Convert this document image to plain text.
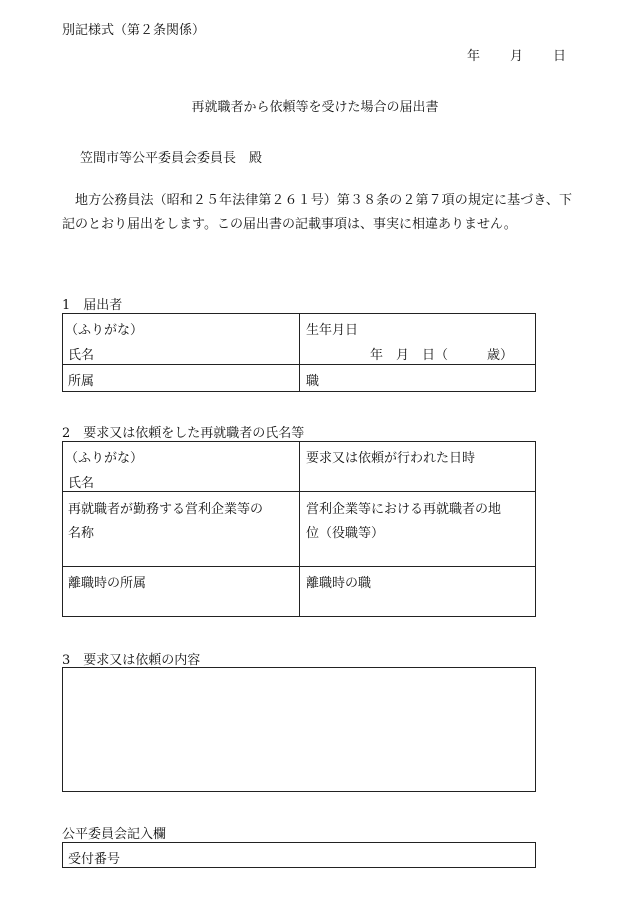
別記様式（第２条関係）
年 月 日
再就職者から依頼等を受けた場合の届出書
笠間市等公平委員会委員長　殿
地方公務員法（昭和２５年法律第２６１号）第３８条の２第７項の規定に基づき、下記のとおり届出をします。この届出書の記載事項は、事実に相違ありません。
1　届出者
（ふりがな）
氏名
生年月日
年　月　日（　　　歳）
所属	職
2　要求又は依頼をした再就職者の氏名等
（ふりがな）
氏名
要求又は依頼が行われた日時
再就職者が勤務する営利企業等の
名称
営利企業等における再就職者の地
位（役職等）
離職時の所属	離職時の職
3　要求又は依頼の内容
公平委員会記入欄
受付番号
